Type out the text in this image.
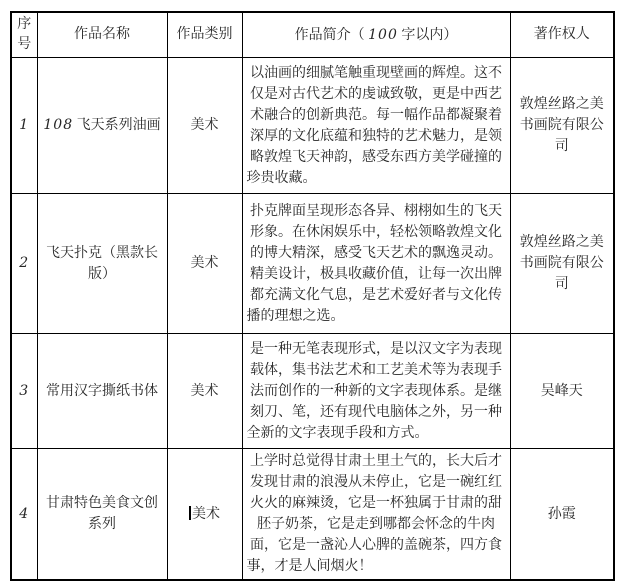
序号	作品名称	作品类别	作品简介（ 100 字以内）	著作权人
1	108 飞天系列油画	美术	以油画的细腻笔触重现壁画的辉煌。这不仅是对古代艺术的虔诚致敬，更是中西艺术融合的创新典范。每一幅作品都凝聚着深厚的文化底蕴和独特的艺术魅力，是领略敦煌飞天神韵，感受东西方美学碰撞的珍贵收藏。	敦煌丝路之美书画院有限公司
2	飞天扑克（黑款长版）	美术	扑克牌面呈现形态各异、栩栩如生的飞天形象。在休闲娱乐中，轻松领略敦煌文化的博大精深，感受飞天艺术的飘逸灵动。精美设计，极具收藏价值，让每一次出牌都充满文化气息，是艺术爱好者与文化传播的理想之选。	敦煌丝路之美书画院有限公司
3	常用汉字撕纸书体	美术	是一种无笔表现形式，是以汉文字为表现载体，集书法艺术和工艺美术等为表现手法而创作的一种新的文字表现体系。是继刻刀、笔，还有现代电脑体之外，另一种全新的文字表现手段和方式。	吴峰天
4	甘肃特色美食文创系列	美术	上学时总觉得甘肃土里土气的，长大后才发现甘肃的浪漫从未停止，它是一碗红红火火的麻辣烫，它是一杯独属于甘肃的甜胚子奶茶，它是走到哪都会怀念的牛肉面，它是一盏沁人心脾的盖碗茶，四方食事，才是人间烟火！	孙霞
